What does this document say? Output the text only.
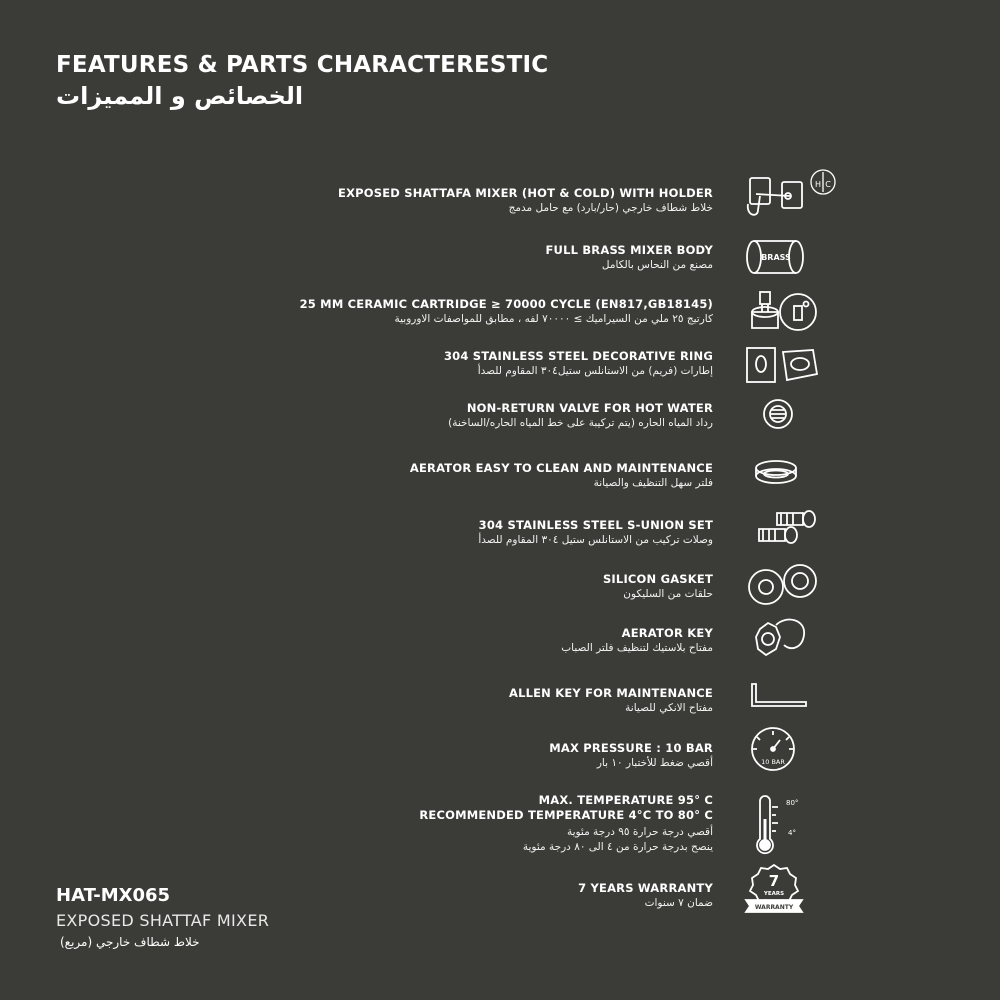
FEATURES & PARTS CHARACTERESTIC
الخصائص و المميزات
EXPOSED SHATTAFA MIXER (HOT & COLD) WITH HOLDER
خلاط شطاف خارجي (حار/بارد) مع حامل مدمج
H C
FULL BRASS MIXER BODY
مصنع من النحاس بالكامل
BRASS
25 MM CERAMIC CARTRIDGE ≥ 70000 CYCLE (EN817,GB18145)
كارتيج ٢٥ ملي من السيراميك ≥ ٧٠٠٠٠ لفه ، مطابق للمواصفات الاوروبية
304 STAINLESS STEEL DECORATIVE RING
إطارات (فريم) من الاستانلس ستيل٣٠٤ المقاوم للصدأ
NON-RETURN VALVE FOR HOT WATER
رداد المياه الحاره (يتم تركيبة على خط المياه الحاره/الساخنة)
AERATOR EASY TO CLEAN AND MAINTENANCE
فلتر سهل التنظيف والصيانة
304 STAINLESS STEEL S-UNION SET
وصلات تركيب من الاستانلس ستيل ٣٠٤ المقاوم للصدأ
SILICON GASKET
حلقات من السليكون
AERATOR KEY
مفتاح بلاستيك لتنظيف فلتر الصباب
ALLEN KEY FOR MAINTENANCE
مفتاح الانكي للصيانة
MAX PRESSURE : 10 BAR
أقصي ضغط للأختبار ١٠ بار	10 BAR
MAX. TEMPERATURE 95° C
RECOMMENDED TEMPERATURE 4°C TO 80° C
أقصي درجة حرارة ٩٥ درجة مئوية
ينصح بدرجة حرارة من ٤ الى ٨٠ درجة مئوية
80°
4°
7 YEARS WARRANTY
ضمان ٧ سنوات
7
YEARS
WARRANTY
HAT-MX065
EXPOSED SHATTAF MIXER
خلاط شطاف خارجي (مربع)
